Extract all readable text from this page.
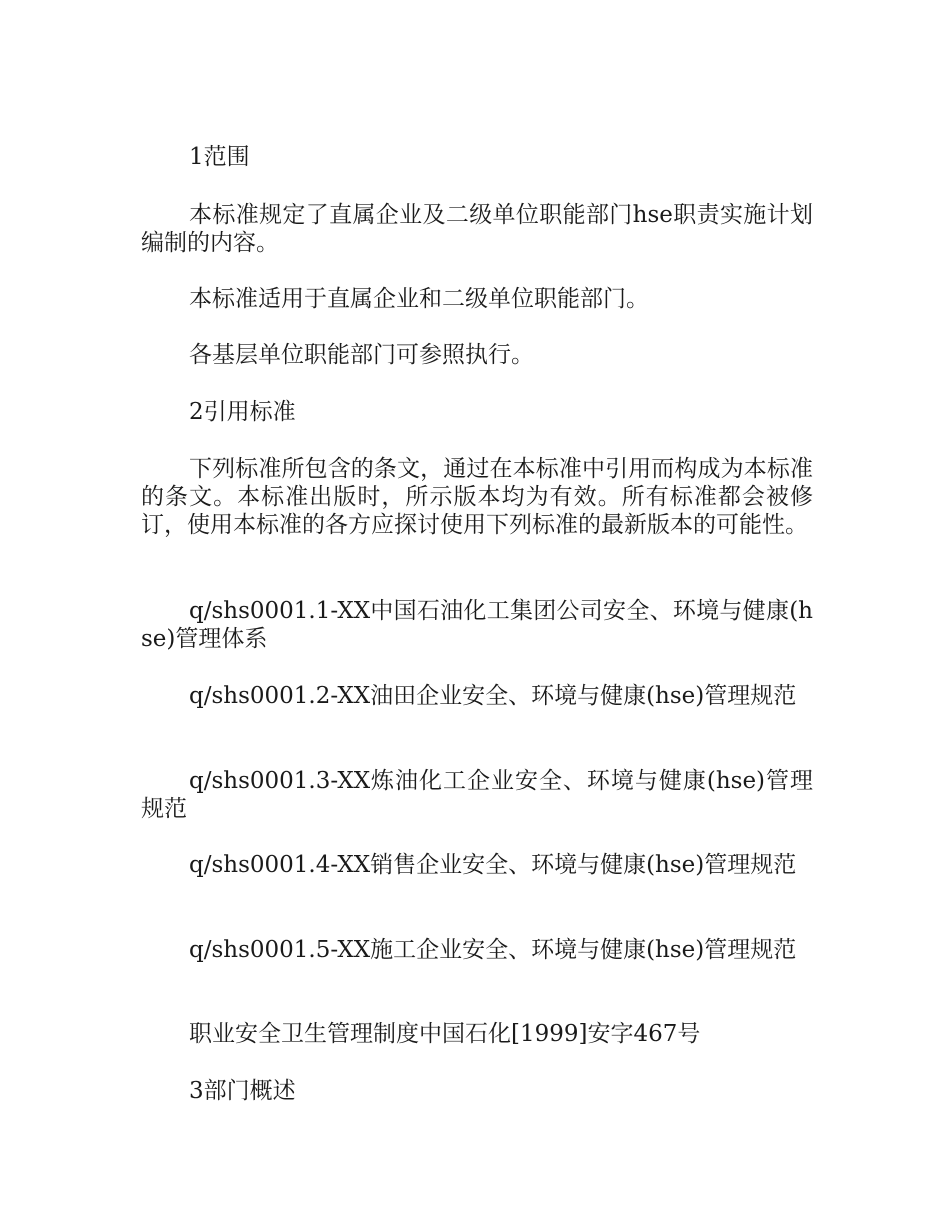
1范围

本标准规定了直属企业及二级单位职能部门hse职责实施计划编制的内容。

本标准适用于直属企业和二级单位职能部门。

各基层单位职能部门可参照执行。

2引用标准

下列标准所包含的条文，通过在本标准中引用而构成为本标准的条文。本标准出版时，所示版本均为有效。所有标准都会被修订，使用本标准的各方应探讨使用下列标准的最新版本的可能性。

q/shs0001.1-XX中国石油化工集团公司安全、环境与健康(hse)管理体系

q/shs0001.2-XX油田企业安全、环境与健康(hse)管理规范

q/shs0001.3-XX炼油化工企业安全、环境与健康(hse)管理规范

q/shs0001.4-XX销售企业安全、环境与健康(hse)管理规范

q/shs0001.5-XX施工企业安全、环境与健康(hse)管理规范

职业安全卫生管理制度中国石化[1999]安字467号

3部门概述
